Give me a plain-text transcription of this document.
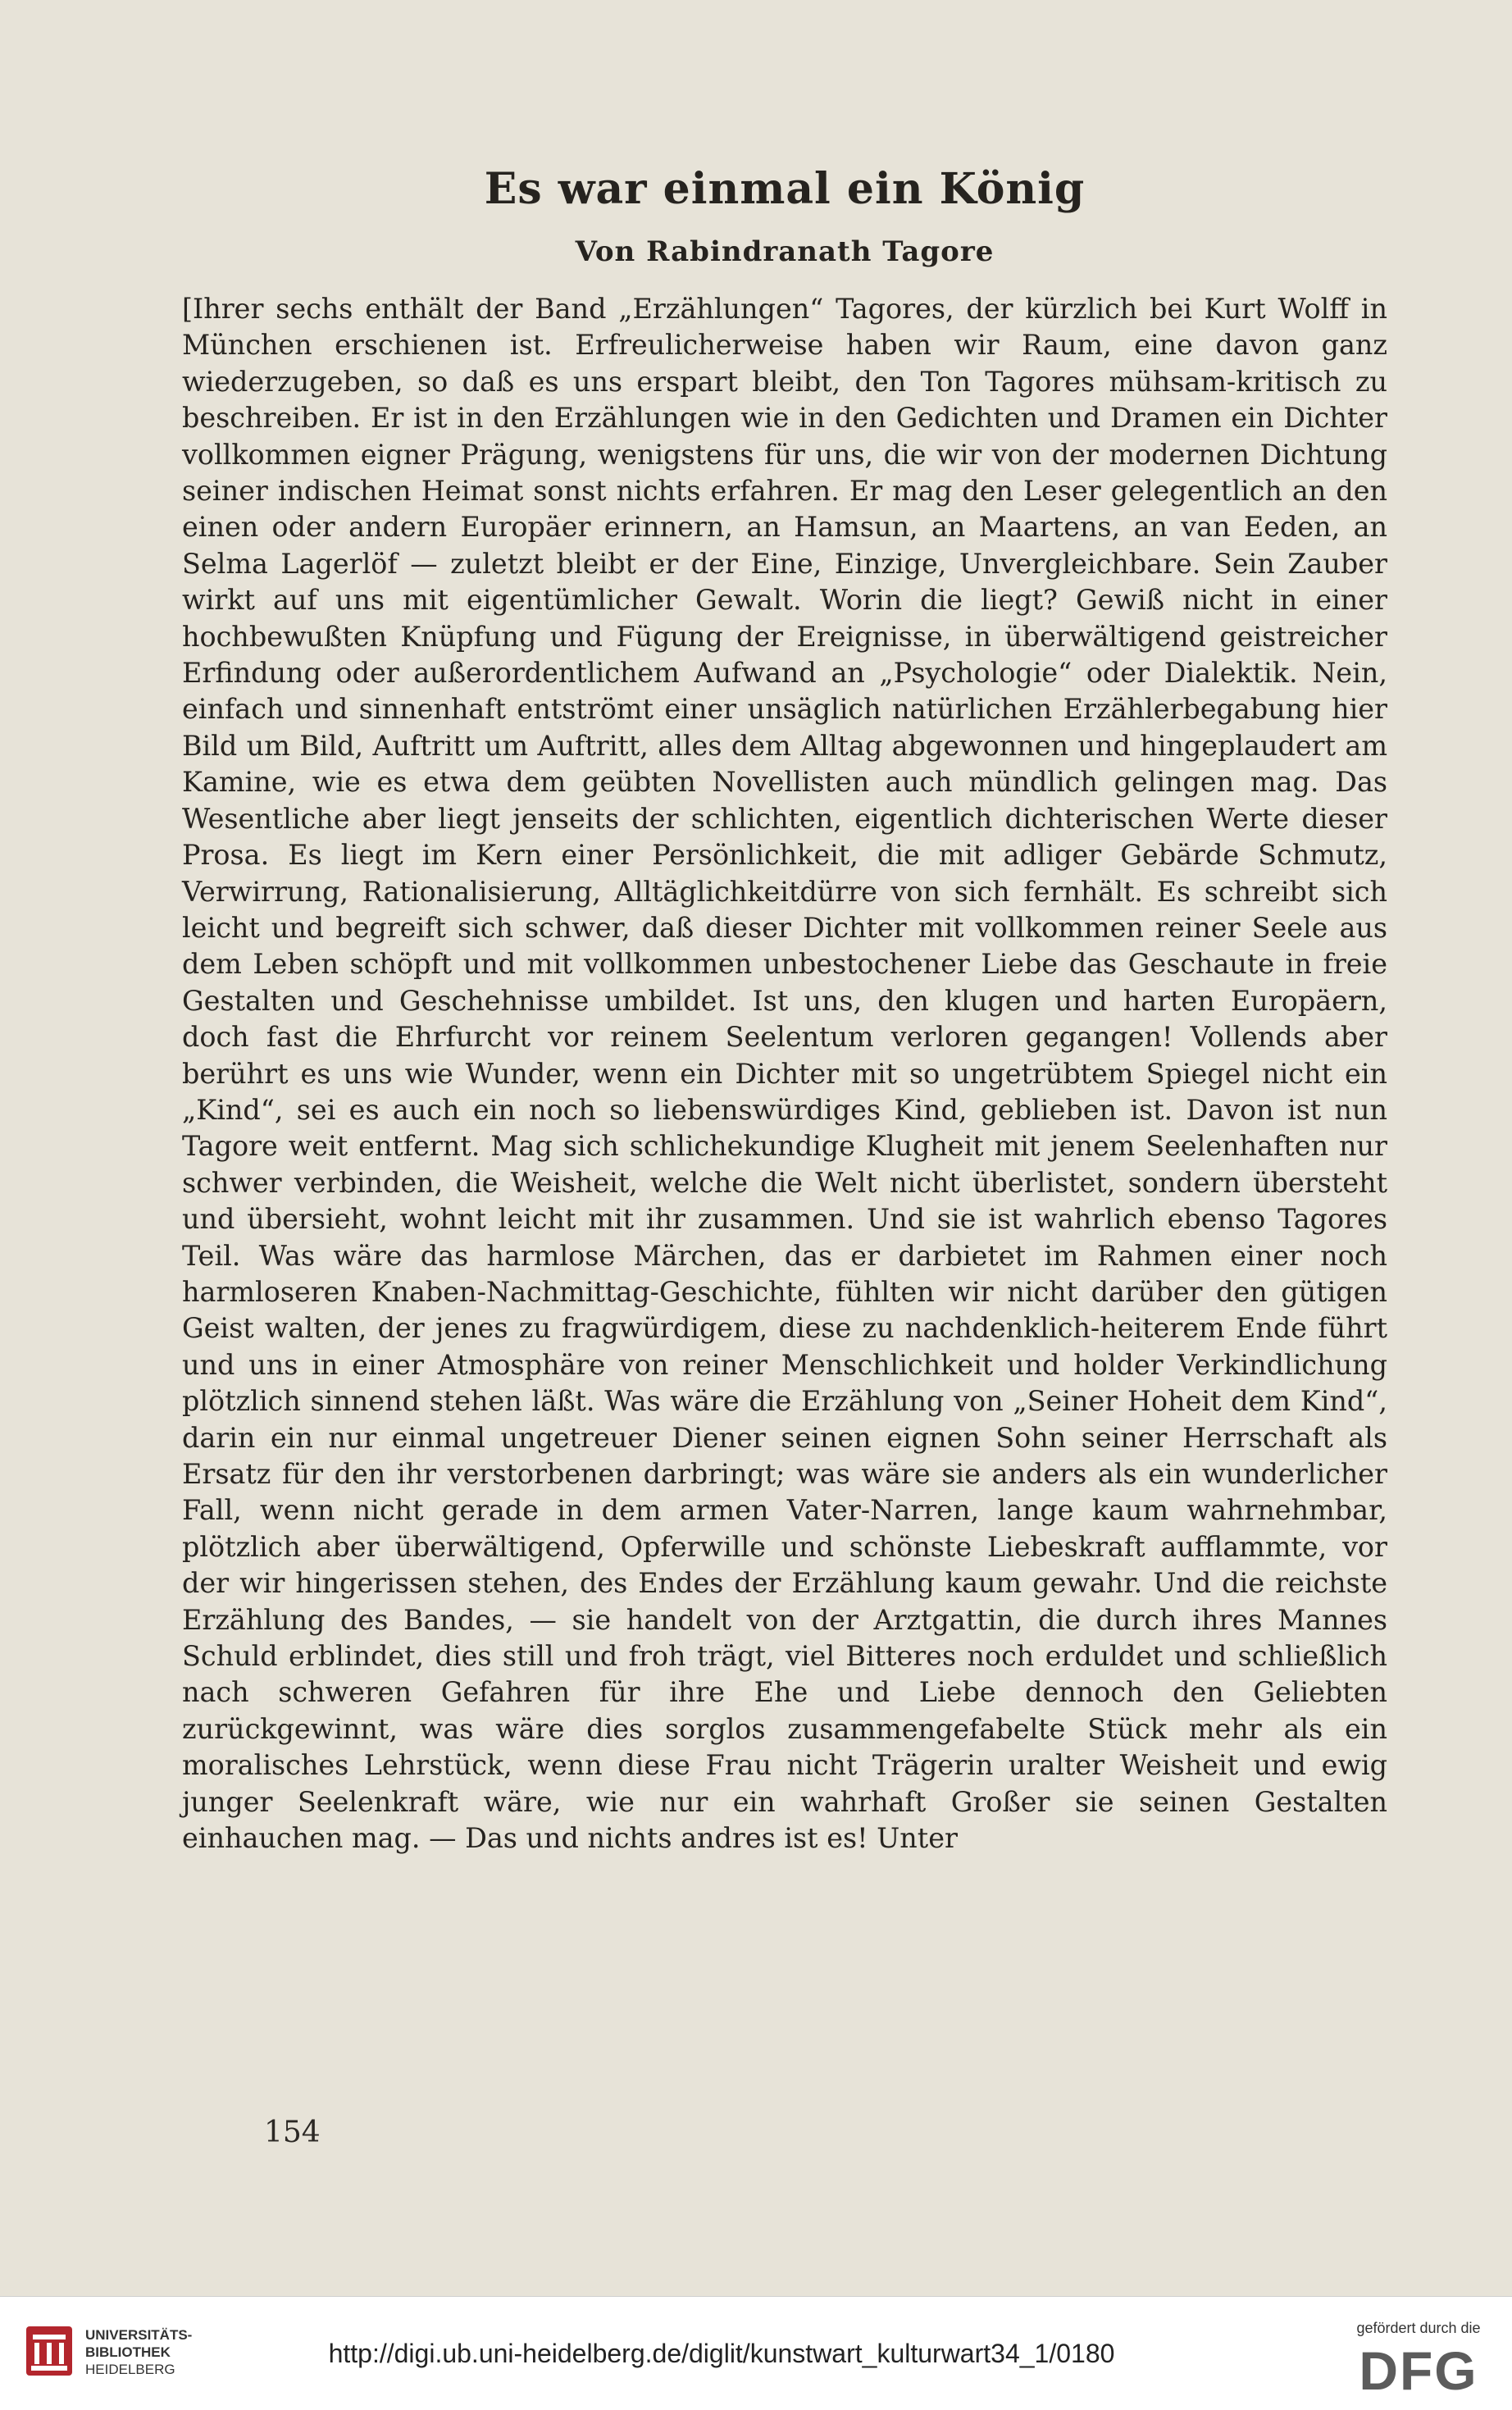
Es war einmal ein König
Von Rabindranath Tagore

[Ihrer sechs enthält der Band „Erzählungen“ Tagores, der kürzlich bei Kurt Wolff in München erschienen ist. Erfreulicherweise haben wir Raum, eine davon ganz wiederzugeben, so daß es uns erspart bleibt, den Ton Tagores mühsam-kritisch zu beschreiben. Er ist in den Erzählungen wie in den Gedichten und Dramen ein Dichter vollkommen eigner Prägung, wenigstens für uns, die wir von der modernen Dichtung seiner indischen Heimat sonst nichts erfahren. Er mag den Leser gelegentlich an den einen oder andern Europäer erinnern, an Hamsun, an Maartens, an van Eeden, an Selma Lagerlöf — zuletzt bleibt er der Eine, Einzige, Unvergleichbare. Sein Zauber wirkt auf uns mit eigentümlicher Gewalt. Worin die liegt? Gewiß nicht in einer hochbewußten Knüpfung und Fügung der Ereignisse, in überwältigend geistreicher Erfindung oder außerordentlichem Aufwand an „Psychologie“ oder Dialektik. Nein, einfach und sinnenhaft entströmt einer unsäglich natürlichen Erzählerbegabung hier Bild um Bild, Auftritt um Auftritt, alles dem Alltag abgewonnen und hingeplaudert am Kamine, wie es etwa dem geübten Novellisten auch mündlich gelingen mag. Das Wesentliche aber liegt jenseits der schlichten, eigentlich dichterischen Werte dieser Prosa. Es liegt im Kern einer Persönlichkeit, die mit adliger Gebärde Schmutz, Verwirrung, Rationalisierung, Alltäglichkeitdürre von sich fernhält. Es schreibt sich leicht und begreift sich schwer, daß dieser Dichter mit vollkommen reiner Seele aus dem Leben schöpft und mit vollkommen unbestochener Liebe das Geschaute in freie Gestalten und Geschehnisse umbildet. Ist uns, den klugen und harten Europäern, doch fast die Ehrfurcht vor reinem Seelentum verloren gegangen! Vollends aber berührt es uns wie Wunder, wenn ein Dichter mit so ungetrübtem Spiegel nicht ein „Kind“, sei es auch ein noch so liebenswürdiges Kind, geblieben ist. Davon ist nun Tagore weit entfernt. Mag sich schlichekundige Klugheit mit jenem Seelenhaften nur schwer verbinden, die Weisheit, welche die Welt nicht überlistet, sondern übersteht und übersieht, wohnt leicht mit ihr zusammen. Und sie ist wahrlich ebenso Tagores Teil. Was wäre das harmlose Märchen, das er darbietet im Rahmen einer noch harmloseren Knaben-Nachmittag-Geschichte, fühlten wir nicht darüber den gütigen Geist walten, der jenes zu fragwürdigem, diese zu nachdenklich-heiterem Ende führt und uns in einer Atmosphäre von reiner Menschlichkeit und holder Verkindlichung plötzlich sinnend stehen läßt. Was wäre die Erzählung von „Seiner Hoheit dem Kind“, darin ein nur einmal ungetreuer Diener seinen eignen Sohn seiner Herrschaft als Ersatz für den ihr verstorbenen darbringt; was wäre sie anders als ein wunderlicher Fall, wenn nicht gerade in dem armen Vater-Narren, lange kaum wahrnehmbar, plötzlich aber überwältigend, Opferwille und schönste Liebeskraft aufflammte, vor der wir hingerissen stehen, des Endes der Erzählung kaum gewahr. Und die reichste Erzählung des Bandes, — sie handelt von der Arztgattin, die durch ihres Mannes Schuld erblindet, dies still und froh trägt, viel Bitteres noch erduldet und schließlich nach schweren Gefahren für ihre Ehe und Liebe dennoch den Geliebten zurückgewinnt, was wäre dies sorglos zusammengefabelte Stück mehr als ein moralisches Lehrstück, wenn diese Frau nicht Trägerin uralter Weisheit und ewig junger Seelenkraft wäre, wie nur ein wahrhaft Großer sie seinen Gestalten einhauchen mag. — Das und nichts andres ist es! Unter

154
UNIVERSITÄTS-
BIBLIOTHEK
HEIDELBERG
http://digi.ub.uni-heidelberg.de/diglit/kunstwart_kulturwart34_1/0180
gefördert durch die
DFG
